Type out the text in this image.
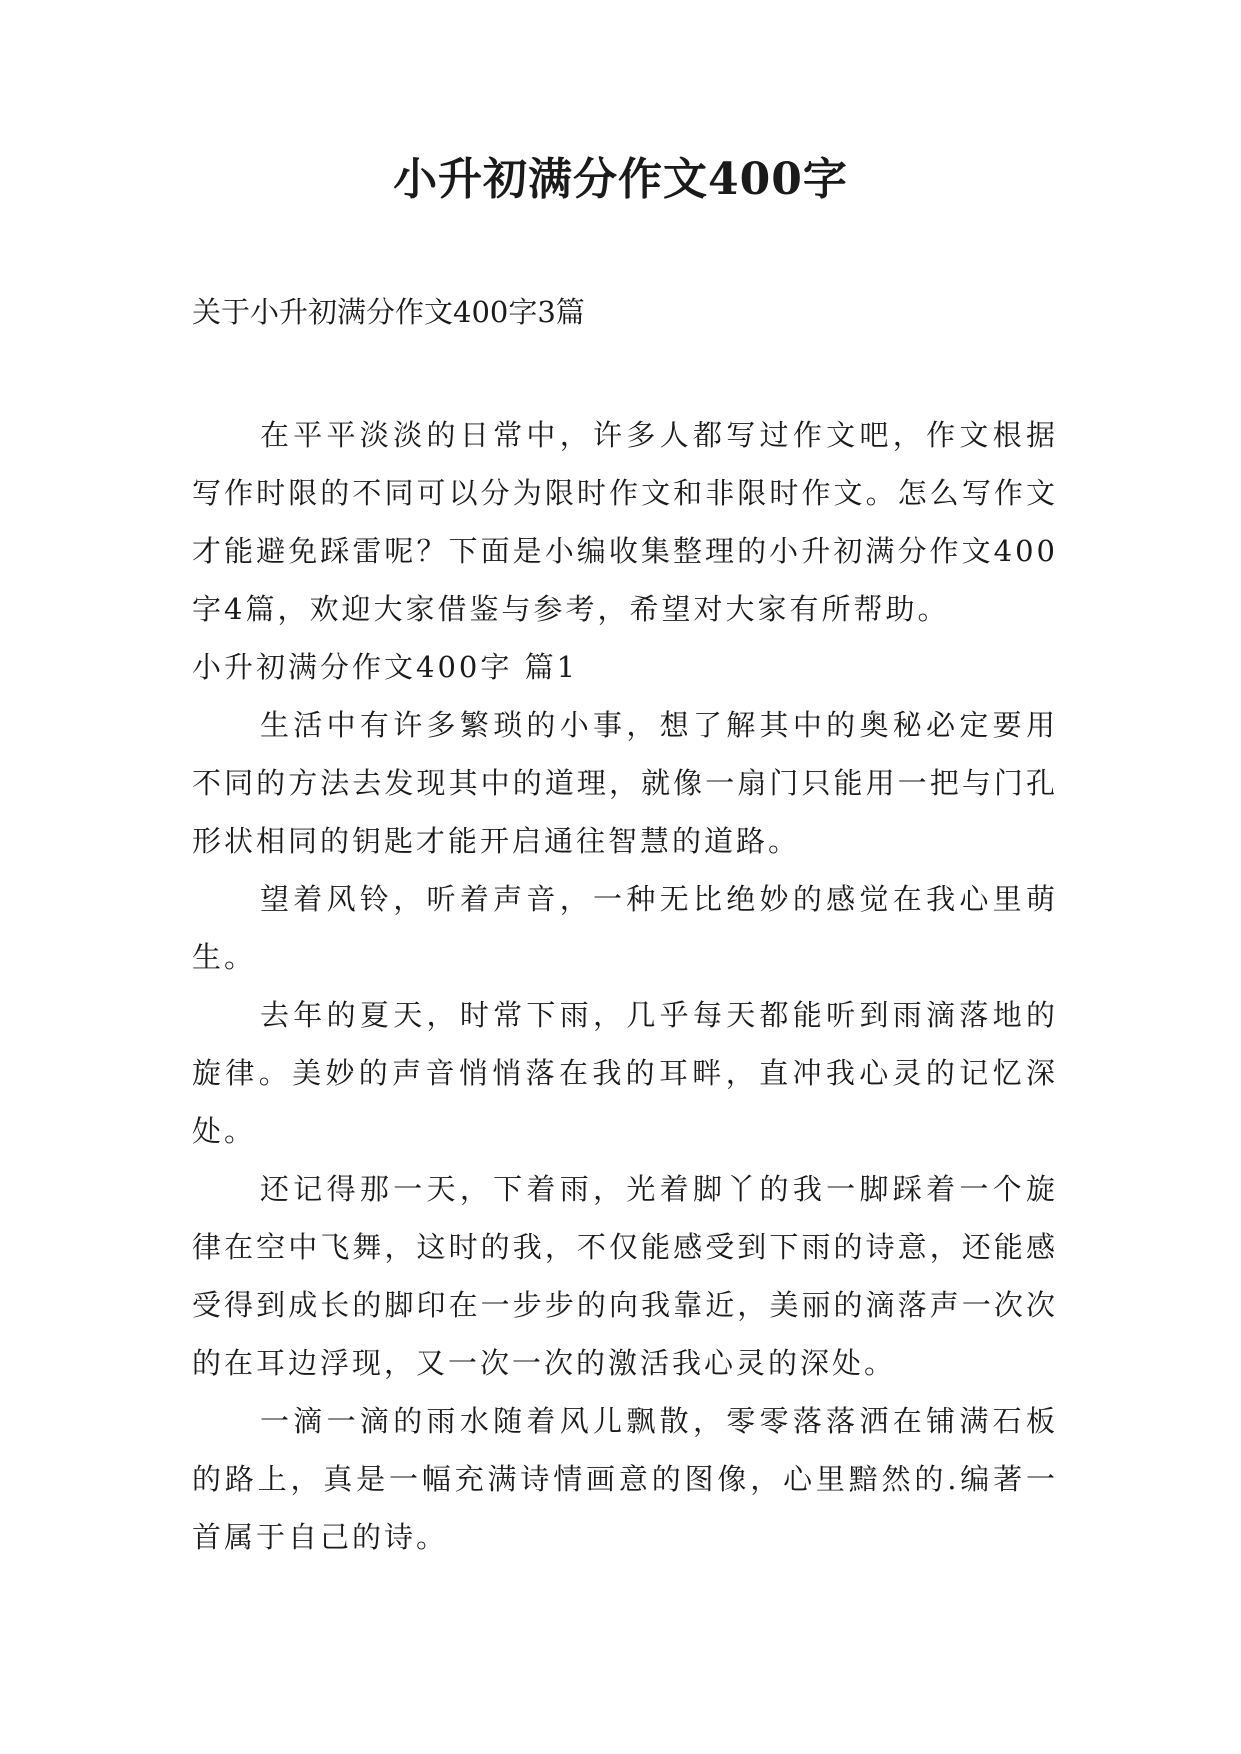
小升初满分作文400字

关于小升初满分作文400字3篇

在平平淡淡的日常中，许多人都写过作文吧，作文根据写作时限的不同可以分为限时作文和非限时作文。怎么写作文才能避免踩雷呢？下面是小编收集整理的小升初满分作文400字4篇，欢迎大家借鉴与参考，希望对大家有所帮助。

小升初满分作文400字 篇1

生活中有许多繁琐的小事，想了解其中的奥秘必定要用不同的方法去发现其中的道理，就像一扇门只能用一把与门孔形状相同的钥匙才能开启通往智慧的道路。

望着风铃，听着声音，一种无比绝妙的感觉在我心里萌生。

去年的夏天，时常下雨，几乎每天都能听到雨滴落地的旋律。美妙的声音悄悄落在我的耳畔，直冲我心灵的记忆深处。

还记得那一天，下着雨，光着脚丫的我一脚踩着一个旋律在空中飞舞，这时的我，不仅能感受到下雨的诗意，还能感受得到成长的脚印在一步步的向我靠近，美丽的滴落声一次次的在耳边浮现，又一次一次的激活我心灵的深处。

一滴一滴的雨水随着风儿飘散，零零落落洒在铺满石板的路上，真是一幅充满诗情画意的图像，心里黯然的.编著一首属于自己的诗。
